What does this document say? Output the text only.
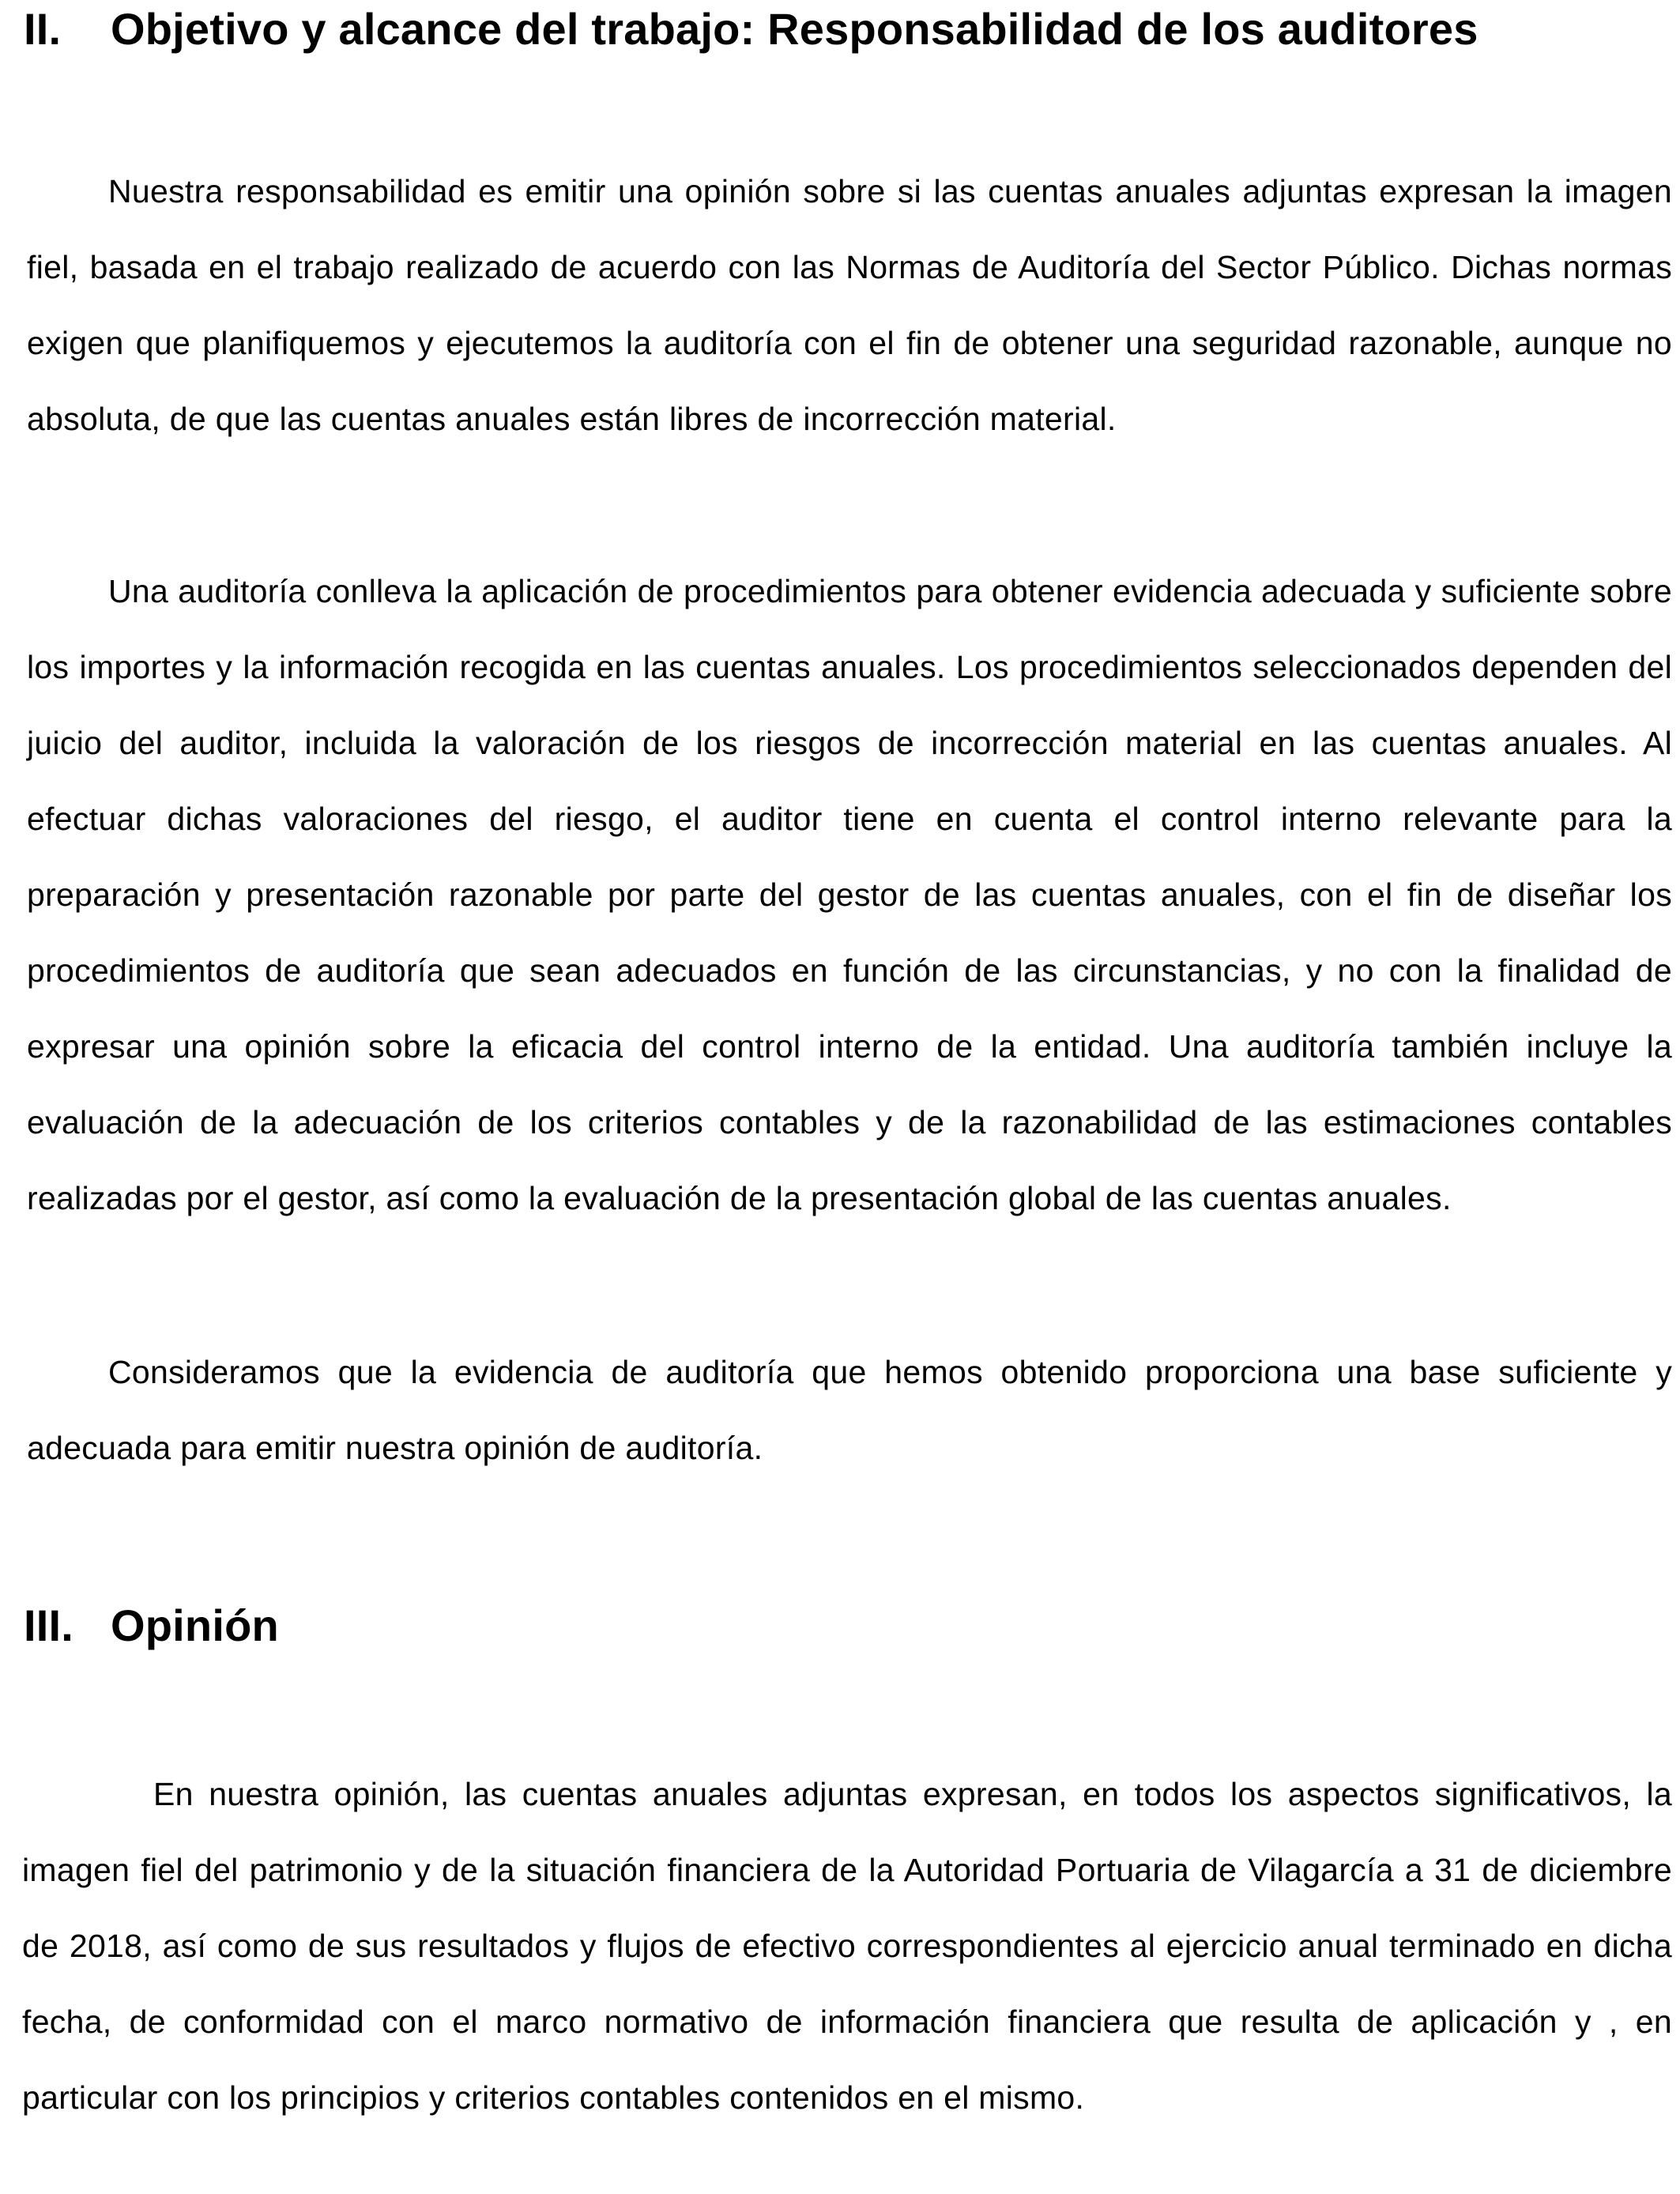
II. Objetivo y alcance del trabajo: Responsabilidad de los auditores

Nuestra responsabilidad es emitir una opinión sobre si las cuentas anuales adjuntas expresan la imagen fiel, basada en el trabajo realizado de acuerdo con las Normas de Auditoría del Sector Público. Dichas normas exigen que planifiquemos y ejecutemos la auditoría con el fin de obtener una seguridad razonable, aunque no absoluta, de que las cuentas anuales están libres de incorrección material.

Una auditoría conlleva la aplicación de procedimientos para obtener evidencia adecuada y suficiente sobre los importes y la información recogida en las cuentas anuales. Los procedimientos seleccionados dependen del juicio del auditor, incluida la valoración de los riesgos de incorrección material en las cuentas anuales. Al efectuar dichas valoraciones del riesgo, el auditor tiene en cuenta el control interno relevante para la preparación y presentación razonable por parte del gestor de las cuentas anuales, con el fin de diseñar los procedimientos de auditoría que sean adecuados en función de las circunstancias, y no con la finalidad de expresar una opinión sobre la eficacia del control interno de la entidad. Una auditoría también incluye la evaluación de la adecuación de los criterios contables y de la razonabilidad de las estimaciones contables realizadas por el gestor, así como la evaluación de la presentación global de las cuentas anuales.

Consideramos que la evidencia de auditoría que hemos obtenido proporciona una base suficiente y adecuada para emitir nuestra opinión de auditoría.

III. Opinión

En nuestra opinión, las cuentas anuales adjuntas expresan, en todos los aspectos significativos, la imagen fiel del patrimonio y de la situación financiera de la Autoridad Portuaria de Vilagarcía a 31 de diciembre de 2018, así como de sus resultados y flujos de efectivo correspondientes al ejercicio anual terminado en dicha fecha, de conformidad con el marco normativo de información financiera que resulta de aplicación y , en particular con los principios y criterios contables contenidos en el mismo.
